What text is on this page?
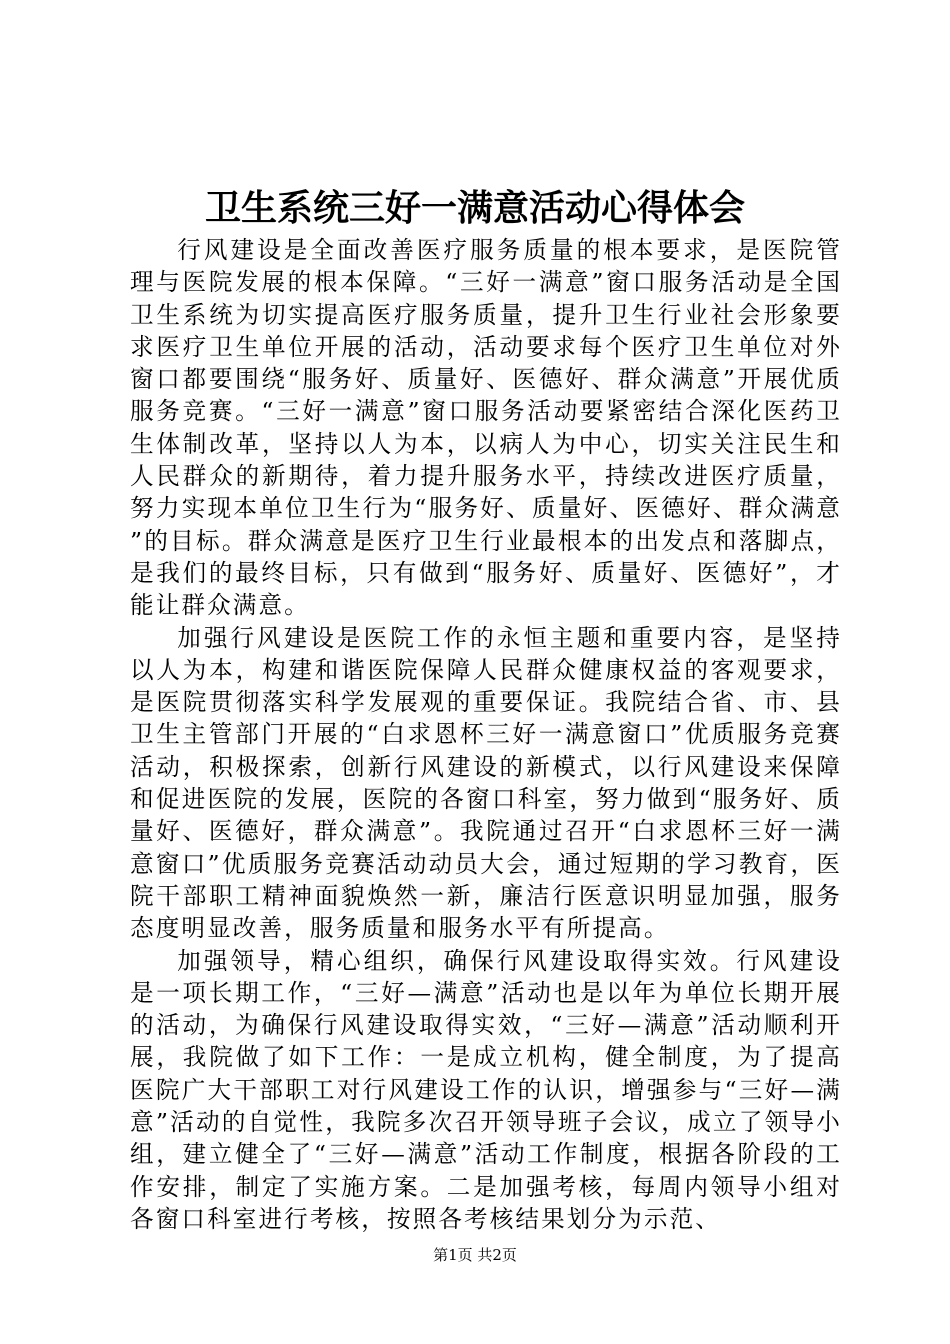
卫生系统三好一满意活动心得体会

行风建设是全面改善医疗服务质量的根本要求，是医院管理与医院发展的根本保障。“三好一满意”窗口服务活动是全国卫生系统为切实提高医疗服务质量，提升卫生行业社会形象要求医疗卫生单位开展的活动，活动要求每个医疗卫生单位对外窗口都要围绕“服务好、质量好、医德好、群众满意”开展优质服务竞赛。“三好一满意”窗口服务活动要紧密结合深化医药卫生体制改革，坚持以人为本，以病人为中心，切实关注民生和人民群众的新期待，着力提升服务水平，持续改进医疗质量，努力实现本单位卫生行为“服务好、质量好、医德好、群众满意”的目标。群众满意是医疗卫生行业最根本的出发点和落脚点，是我们的最终目标，只有做到“服务好、质量好、医德好”，才能让群众满意。

加强行风建设是医院工作的永恒主题和重要内容，是坚持以人为本，构建和谐医院保障人民群众健康权益的客观要求，是医院贯彻落实科学发展观的重要保证。我院结合省、市、县卫生主管部门开展的“白求恩杯三好一满意窗口”优质服务竞赛活动，积极探索，创新行风建设的新模式，以行风建设来保障和促进医院的发展，医院的各窗口科室，努力做到“服务好、质量好、医德好，群众满意”。我院通过召开“白求恩杯三好一满意窗口”优质服务竞赛活动动员大会，通过短期的学习教育，医院干部职工精神面貌焕然一新，廉洁行医意识明显加强，服务态度明显改善，服务质量和服务水平有所提高。

加强领导，精心组织，确保行风建设取得实效。行风建设是一项长期工作，“三好—满意”活动也是以年为单位长期开展的活动，为确保行风建设取得实效，“三好—满意”活动顺利开展，我院做了如下工作：一是成立机构，健全制度，为了提高医院广大干部职工对行风建设工作的认识，增强参与“三好—满意”活动的自觉性，我院多次召开领导班子会议，成立了领导小组，建立健全了“三好—满意”活动工作制度，根据各阶段的工作安排，制定了实施方案。二是加强考核，每周内领导小组对各窗口科室进行考核，按照各考核结果划分为示范、

第1页 共2页
